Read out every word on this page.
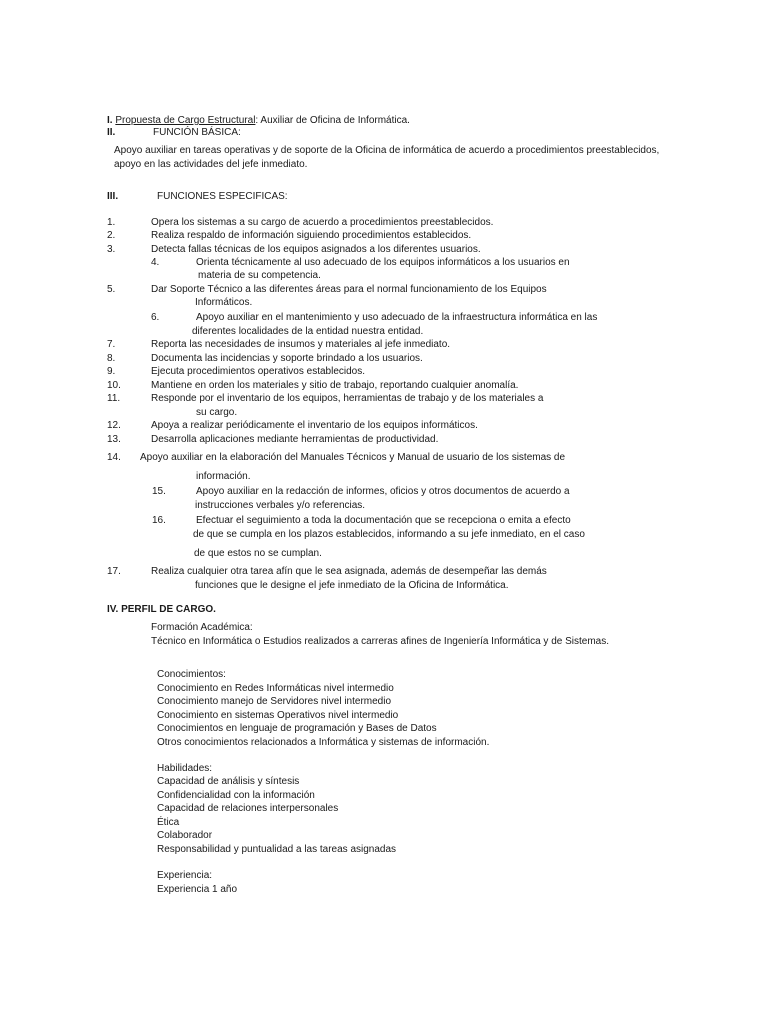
I. Propuesta de Cargo Estructural: Auxiliar de Oficina de Informática.
II.	FUNCIÓN BÁSICA:
Apoyo auxiliar en tareas operativas y de soporte de la Oficina de informática de acuerdo a procedimientos preestablecidos,
apoyo en las actividades del jefe inmediato.
III.	FUNCIONES ESPECIFICAS:
1.	Opera los sistemas a su cargo de acuerdo a procedimientos preestablecidos.
2.	Realiza respaldo de información siguiendo procedimientos establecidos.
3.	Detecta fallas técnicas de los equipos asignados a los diferentes usuarios.
4.	Orienta técnicamente al uso adecuado de los equipos informáticos a los usuarios en
materia de su competencia.
5.	Dar Soporte Técnico a las diferentes áreas para el normal funcionamiento de los Equipos
Informáticos.
6.	Apoyo auxiliar en el mantenimiento y uso adecuado de la infraestructura informática en las
diferentes localidades de la entidad nuestra entidad.
7.	Reporta las necesidades de insumos y materiales al jefe inmediato.
8.	Documenta las incidencias y soporte brindado a los usuarios.
9.	Ejecuta procedimientos operativos establecidos.
10.	Mantiene en orden los materiales y sitio de trabajo, reportando cualquier anomalía.
11.	Responde por el inventario de los equipos, herramientas de trabajo y de los materiales a
su cargo.
12.	Apoya a realizar periódicamente el inventario de los equipos informáticos.
13.	Desarrolla aplicaciones mediante herramientas de productividad.
14. Apoyo auxiliar en la elaboración del Manuales Técnicos y Manual de usuario de los sistemas de
información.
15.	Apoyo auxiliar en la redacción de informes, oficios y otros documentos de acuerdo a
instrucciones verbales y/o referencias.
16.	Efectuar el seguimiento a toda la documentación que se recepciona o emita a efecto
de que se cumpla en los plazos establecidos, informando a su jefe inmediato, en el caso
de que estos no se cumplan.
17.	Realiza cualquier otra tarea afín que le sea asignada, además de desempeñar las demás
funciones que le designe el jefe inmediato de la Oficina de Informática.
IV. PERFIL DE CARGO.
Formación Académica:
Técnico en Informática o Estudios realizados a carreras afines de Ingeniería Informática y de Sistemas.
Conocimientos:
Conocimiento en Redes Informáticas nivel intermedio
Conocimiento manejo de Servidores nivel intermedio
Conocimiento en sistemas Operativos nivel intermedio
Conocimientos en lenguaje de programación y Bases de Datos
Otros conocimientos relacionados a Informática y sistemas de información.
Habilidades:
Capacidad de análisis y síntesis
Confidencialidad con la información
Capacidad de relaciones interpersonales
Ética
Colaborador
Responsabilidad y puntualidad a las tareas asignadas
Experiencia:
Experiencia 1 año
